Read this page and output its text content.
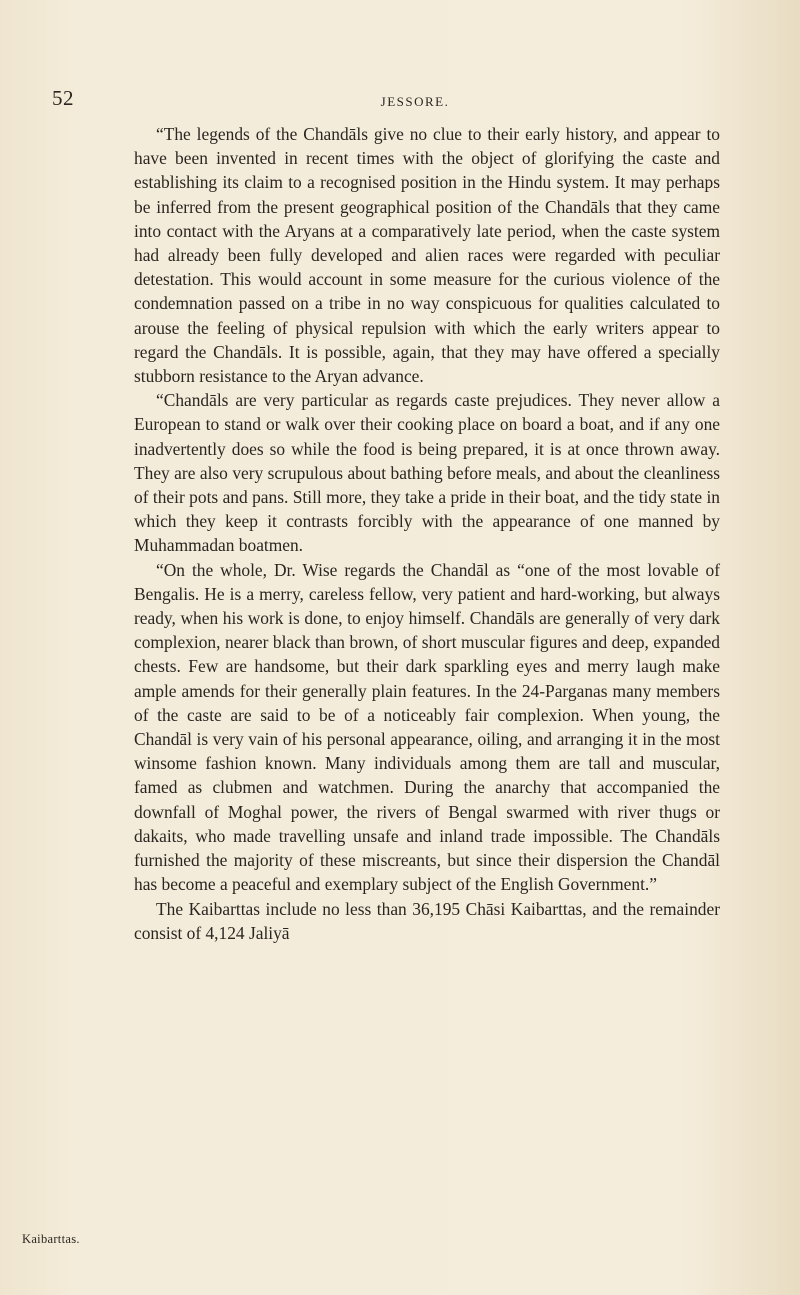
52	JESSORE.

“The legends of the Chandāls give no clue to their early history, and appear to have been invented in recent times with the object of glorifying the caste and establishing its claim to a recognised position in the Hindu system. It may perhaps be inferred from the present geographical position of the Chandāls that they came into contact with the Aryans at a comparatively late period, when the caste system had already been fully developed and alien races were regarded with peculiar detestation. This would account in some measure for the curious violence of the condemnation passed on a tribe in no way conspicuous for qualities calculated to arouse the feeling of physical repulsion with which the early writers appear to regard the Chandāls. It is possible, again, that they may have offered a specially stubborn resistance to the Aryan advance.

“Chandāls are very particular as regards caste prejudices. They never allow a European to stand or walk over their cooking place on board a boat, and if any one inadvertently does so while the food is being prepared, it is at once thrown away. They are also very scrupulous about bathing before meals, and about the cleanliness of their pots and pans. Still more, they take a pride in their boat, and the tidy state in which they keep it contrasts forcibly with the appearance of one manned by Muhammadan boatmen.

“On the whole, Dr. Wise regards the Chandāl as “one of the most lovable of Bengalis. He is a merry, careless fellow, very patient and hard-working, but always ready, when his work is done, to enjoy himself. Chandāls are generally of very dark complexion, nearer black than brown, of short muscular figures and deep, expanded chests. Few are handsome, but their dark sparkling eyes and merry laugh make ample amends for their generally plain features. In the 24-Parganas many members of the caste are said to be of a noticeably fair complexion. When young, the Chandāl is very vain of his personal appearance, oiling, and arranging it in the most winsome fashion known. Many individuals among them are tall and muscular, famed as clubmen and watchmen. During the anarchy that accompanied the downfall of Moghal power, the rivers of Bengal swarmed with river thugs or dakaits, who made travelling unsafe and inland trade impossible. The Chandāls furnished the majority of these miscreants, but since their dispersion the Chandāl has become a peaceful and exemplary subject of the English Government.”

The Kaibarttas include no less than 36,195 Chāsi Kaibarttas, and the remainder consist of 4,124 Jaliyā

Kaibarttas.
